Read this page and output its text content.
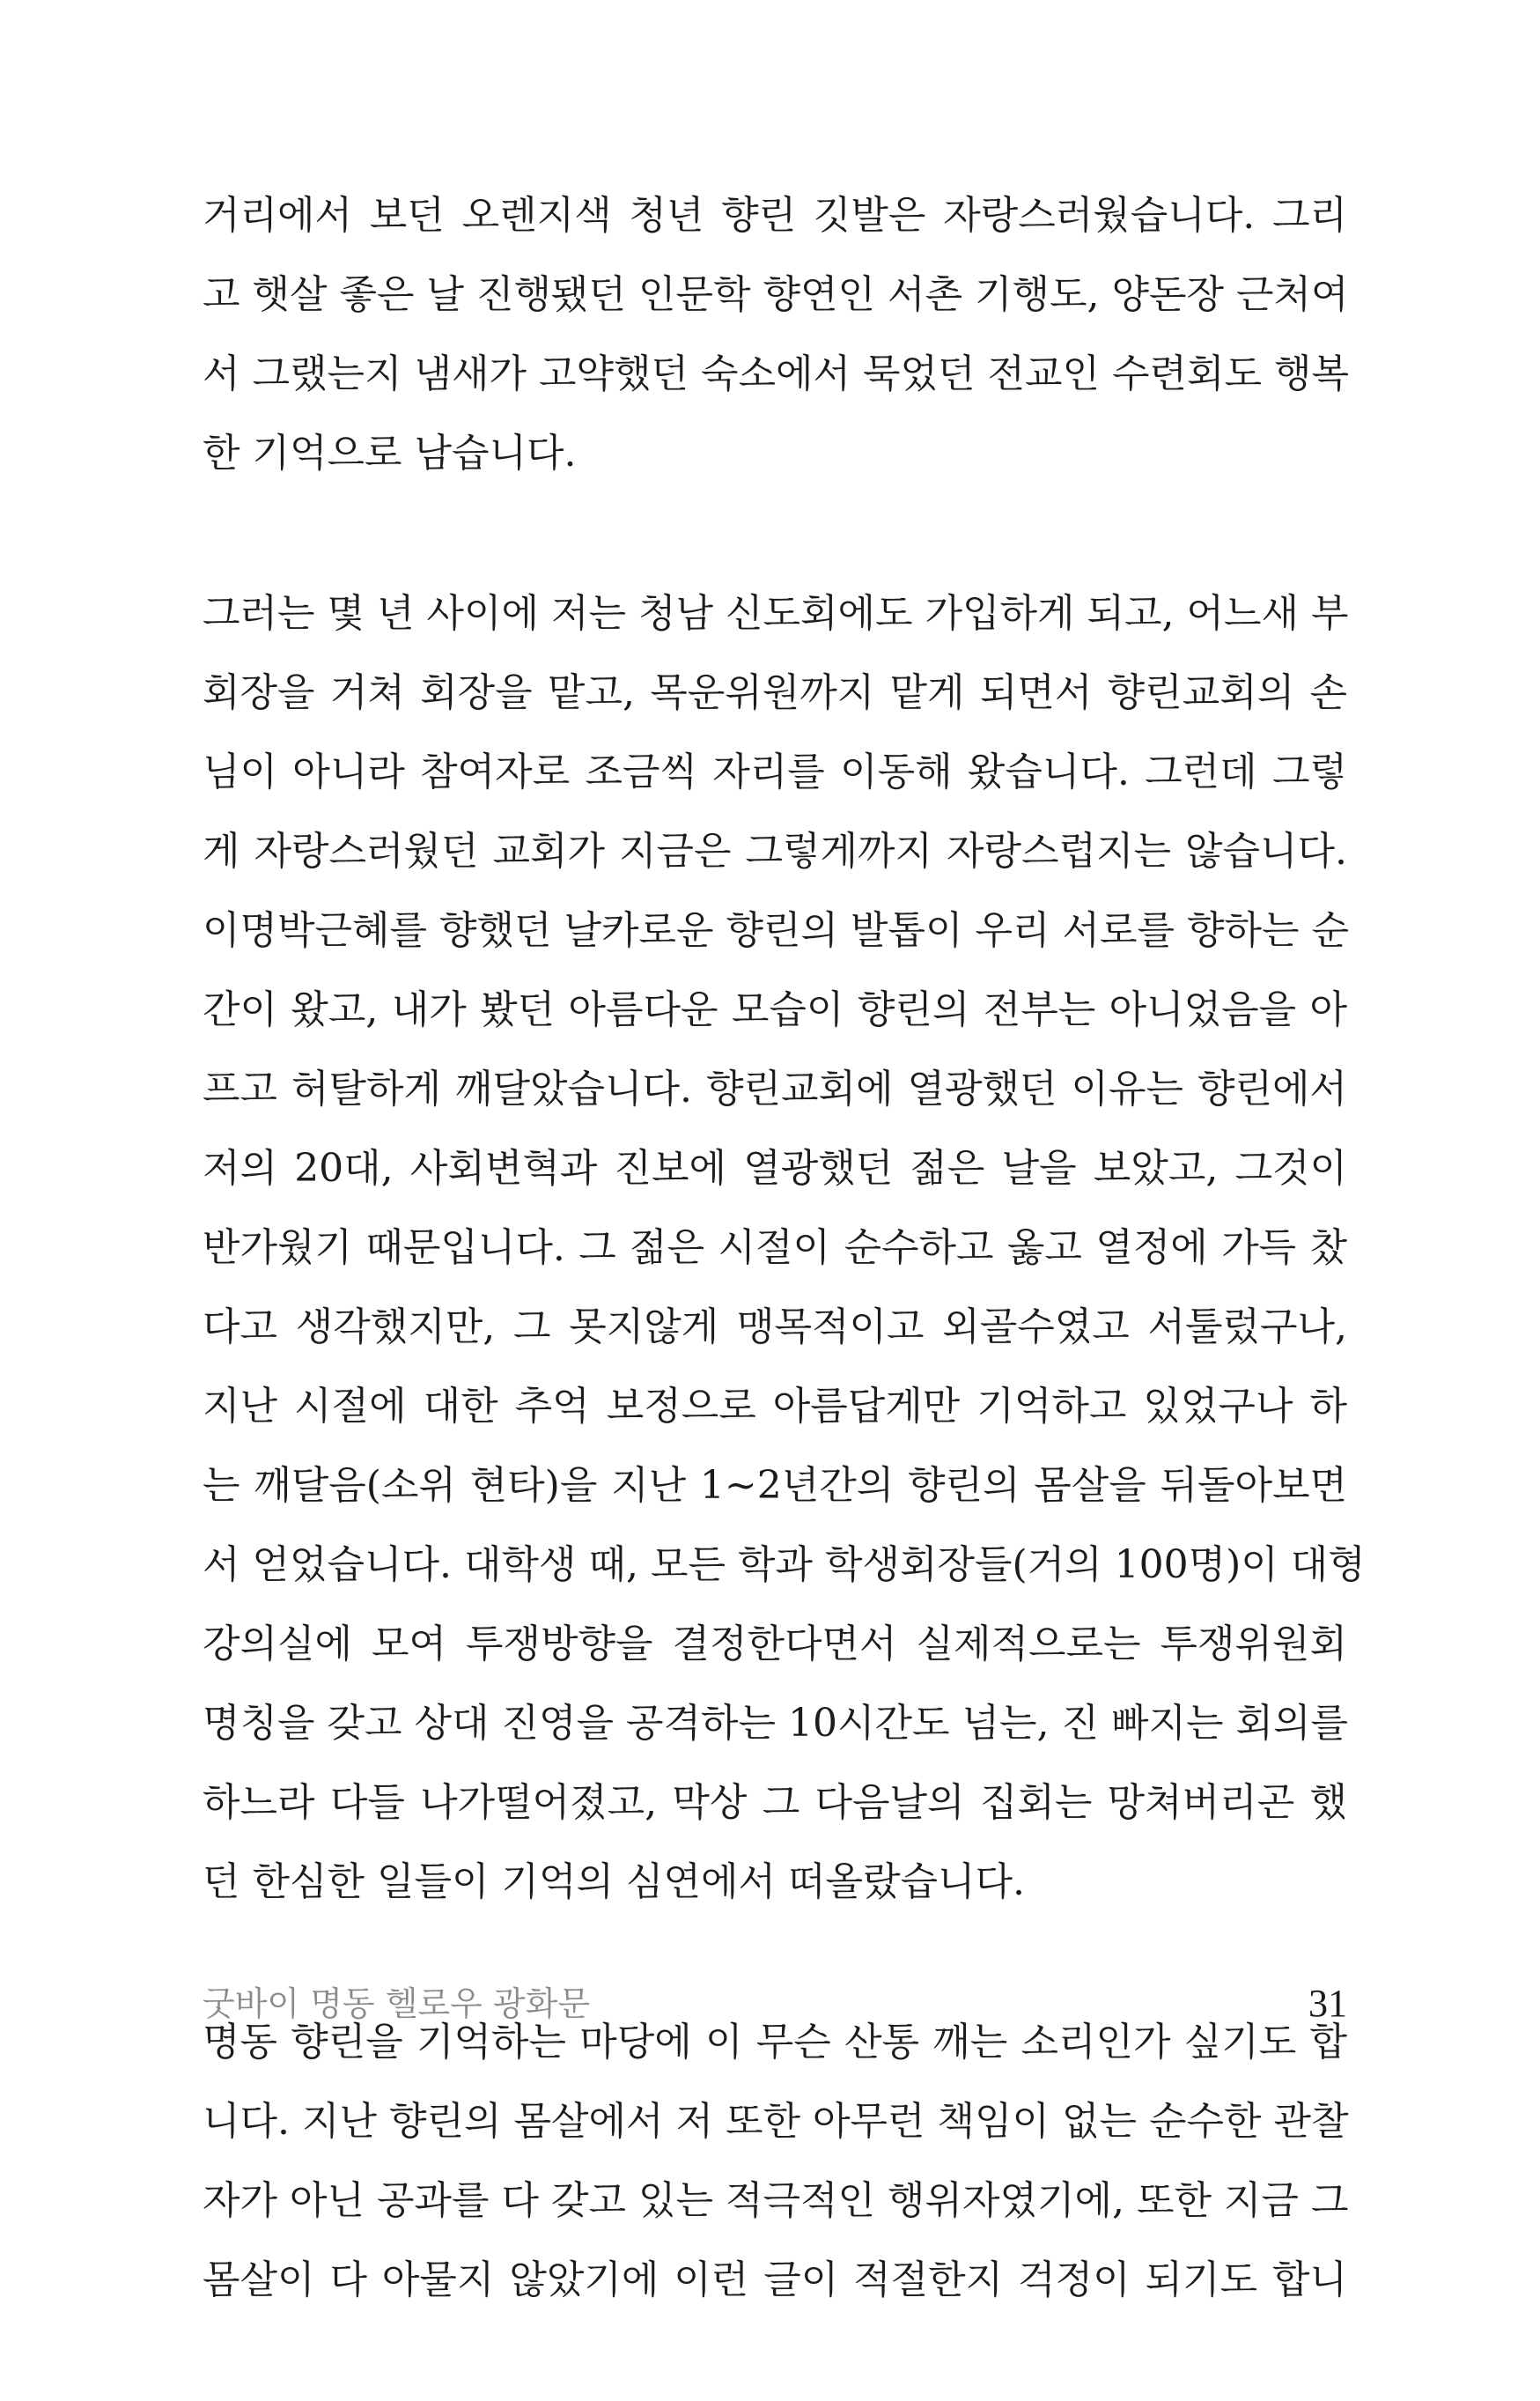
거리에서 보던 오렌지색 청년 향린 깃발은 자랑스러웠습니다. 그리
고 햇살 좋은 날 진행됐던 인문학 향연인 서촌 기행도, 양돈장 근처여
서 그랬는지 냄새가 고약했던 숙소에서 묵었던 전교인 수련회도 행복
한 기억으로 남습니다.
그러는 몇 년 사이에 저는 청남 신도회에도 가입하게 되고, 어느새 부
회장을 거쳐 회장을 맡고, 목운위원까지 맡게 되면서 향린교회의 손
님이 아니라 참여자로 조금씩 자리를 이동해 왔습니다. 그런데 그렇
게 자랑스러웠던 교회가 지금은 그렇게까지 자랑스럽지는 않습니다.
이명박근혜를 향했던 날카로운 향린의 발톱이 우리 서로를 향하는 순
간이 왔고, 내가 봤던 아름다운 모습이 향린의 전부는 아니었음을 아
프고 허탈하게 깨달았습니다. 향린교회에 열광했던 이유는 향린에서
저의 20대, 사회변혁과 진보에 열광했던 젊은 날을 보았고, 그것이
반가웠기 때문입니다. 그 젊은 시절이 순수하고 옳고 열정에 가득 찼
다고 생각했지만, 그 못지않게 맹목적이고 외골수였고 서툴렀구나,
지난 시절에 대한 추억 보정으로 아름답게만 기억하고 있었구나 하
는 깨달음(소위 현타)을 지난 1~2년간의 향린의 몸살을 뒤돌아보면
서 얻었습니다. 대학생 때, 모든 학과 학생회장들(거의 100명)이 대형
강의실에 모여 투쟁방향을 결정한다면서 실제적으로는 투쟁위원회
명칭을 갖고 상대 진영을 공격하는 10시간도 넘는, 진 빠지는 회의를
하느라 다들 나가떨어졌고, 막상 그 다음날의 집회는 망쳐버리곤 했
던 한심한 일들이 기억의 심연에서 떠올랐습니다.
명동 향린을 기억하는 마당에 이 무슨 산통 깨는 소리인가 싶기도 합
니다. 지난 향린의 몸살에서 저 또한 아무런 책임이 없는 순수한 관찰
자가 아닌 공과를 다 갖고 있는 적극적인 행위자였기에, 또한 지금 그
몸살이 다 아물지 않았기에 이런 글이 적절한지 걱정이 되기도 합니
굿바이 명동 헬로우 광화문	31
